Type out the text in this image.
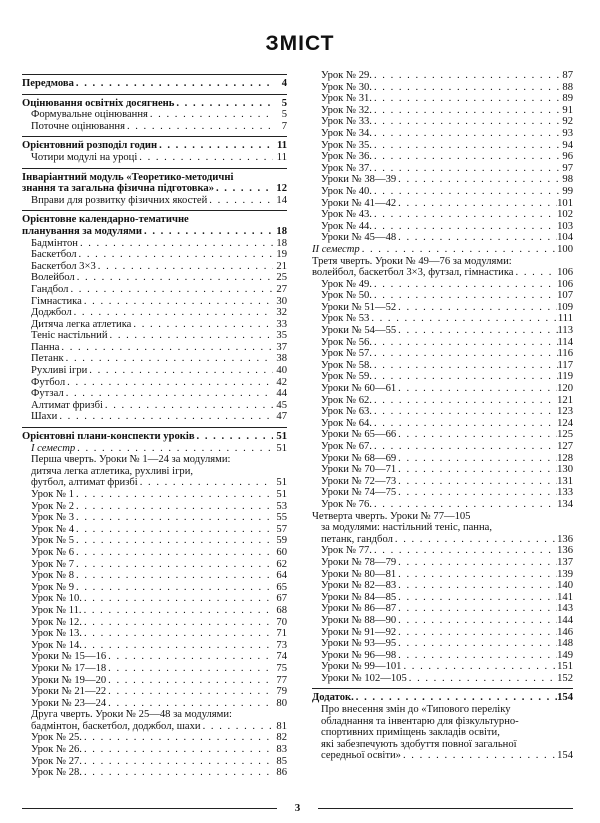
ЗМІСТ
Передмова . . .	4
Оцінювання освітніх досягнень . . .	5
Формувальне оцінювання . . .	5
Поточне оцінювання . . .	7
Орієнтовний розподіл годин . . .	11
Чотири модулі на уроці . . .	11
Інваріантний модуль «Теоретико-методичні
знання та загальна фізична підготовка» . . .	12
Вправи для розвитку фізичних якостей . . .	14
Орієнтовне календарно-тематичне
планування за модулями . . .	18
Бадмінтон . . .	18
Баскетбол . . .	19
Баскетбол 3×3 . . .	21
Волейбол . . .	25
Гандбол . . .	27
Гімнастика . . .	30
Доджбол . . .	32
Дитяча легка атлетика . . .	33
Теніс настільний . . .	35
Панна . . .	37
Петанк . . .	38
Рухливі ігри . . .	40
Футбол . . .	42
Футзал . . .	44
Алтимат фризбі . . .	45
Шахи . . .	47
Орієнтовні плани-конспекти уроків . . .	51
I семестр . . .	51
Перша чверть. Уроки № 1—24 за модулями:
дитяча легка атлетика, рухливі ігри,
футбол, алтимат фризбі . . .	51
Урок № 1 . . .	51
Урок № 2 . . .	53
Урок № 3 . . .	55
Урок № 4 . . .	57
Урок № 5 . . .	59
Урок № 6 . . .	60
Урок № 7 . . .	62
Урок № 8 . . .	64
Урок № 9 . . .	65
Урок № 10. . . .	67
Урок № 11. . . .	68
Урок № 12. . . .	70
Урок № 13. . . .	71
Урок № 14. . . .	73
Уроки № 15—16 . . .	74
Уроки № 17—18 . . .	75
Уроки № 19—20 . . .	77
Уроки № 21—22 . . .	79
Уроки № 23—24 . . .	80
Друга чверть. Уроки № 25—48 за модулями:
бадмінтон, баскетбол, доджбол, шахи . . .	81
Урок № 25. . . .	82
Урок № 26. . . .	83
Урок № 27. . . .	85
Урок № 28. . . .	86
Урок № 29. . . .	87
Урок № 30. . . .	88
Урок № 31. . . .	89
Урок № 32. . . .	91
Урок № 33. . . .	92
Урок № 34. . . .	93
Урок № 35. . . .	94
Урок № 36. . . .	96
Урок № 37. . . .	97
Уроки № 38—39 . . .	98
Урок № 40. . . .	99
Уроки № 41—42 . . .	101
Урок № 43. . . .	102
Урок № 44. . . .	103
Уроки № 45—48 . . .	104
II семестр . . .	100
Третя чверть. Уроки № 49—76 за модулями:
волейбол, баскетбол 3×3, футзал, гімнастика . . .	106
Урок № 49. . . .	106
Урок № 50. . . .	107
Уроки № 51—52 . . .	109
Урок № 53 . . .	111
Уроки № 54—55 . . .	113
Урок № 56. . . .	114
Урок № 57. . . .	116
Урок № 58. . . .	117
Урок № 59. . . .	119
Уроки № 60—61 . . .	120
Урок № 62. . . .	121
Урок № 63. . . .	123
Урок № 64. . . .	124
Уроки № 65—66 . . .	125
Урок № 67. . . .	127
Уроки № 68—69 . . .	128
Уроки № 70—71 . . .	130
Уроки № 72—73 . . .	131
Уроки № 74—75 . . .	133
Урок № 76. . . .	134
Четверта чверть. Уроки № 77—105
за модулями: настільний теніс, панна,
петанк, гандбол . . .	136
Урок № 77. . . .	136
Уроки № 78—79 . . .	137
Уроки № 80—81 . . .	139
Уроки № 82—83 . . .	140
Уроки № 84—85 . . .	141
Уроки № 86—87 . . .	143
Уроки № 88—90 . . .	144
Уроки № 91—92 . . .	146
Уроки № 93—95 . . .	148
Уроки № 96—98 . . .	149
Уроки № 99—101 . . .	151
Уроки № 102—105 . . .	152
Додаток. . . .	154
Про внесення змін до «Типового переліку
обладнання та інвентарю для фізкультурно-
спортивних приміщень закладів освіти,
які забезпечують здобуття повної загальної
середньої освіти» . . .	154
3
